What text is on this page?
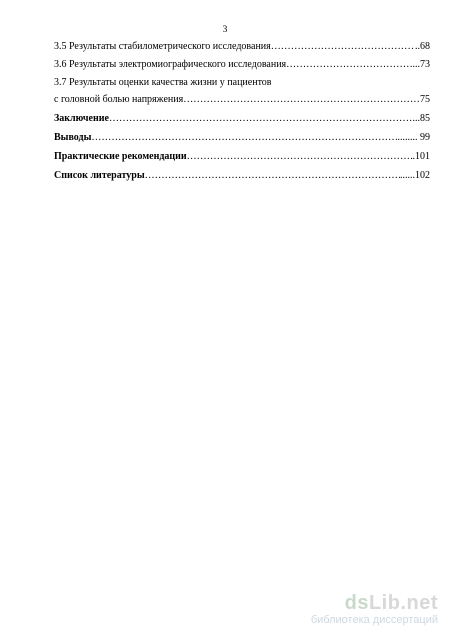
3
3.5 Результаты стабилометрического исследования ……………………………………………………………………………………………………………………………………………………………………	..68
3.6 Результаты электромиографического исследования ……………………………………………………………………………………………………………………………………………………………………	...73
3.7 Результаты оценки качества жизни у пациентов
с головной болью напряжения ……………………………………………………………………………………………………………………………………………………………………	75
Заключение ……………………………………………………………………………………………………………………………………………………………………	...85
Выводы ……………………………………………………………………………………………………………………………………………………………………	........ 99
Практические рекомендации ……………………………………………………………………………………………………………………………………………………………………	.101
Список литературы ……………………………………………………………………………………………………………………………………………………………………	......102
dsLib.net
библиотека диссертаций
